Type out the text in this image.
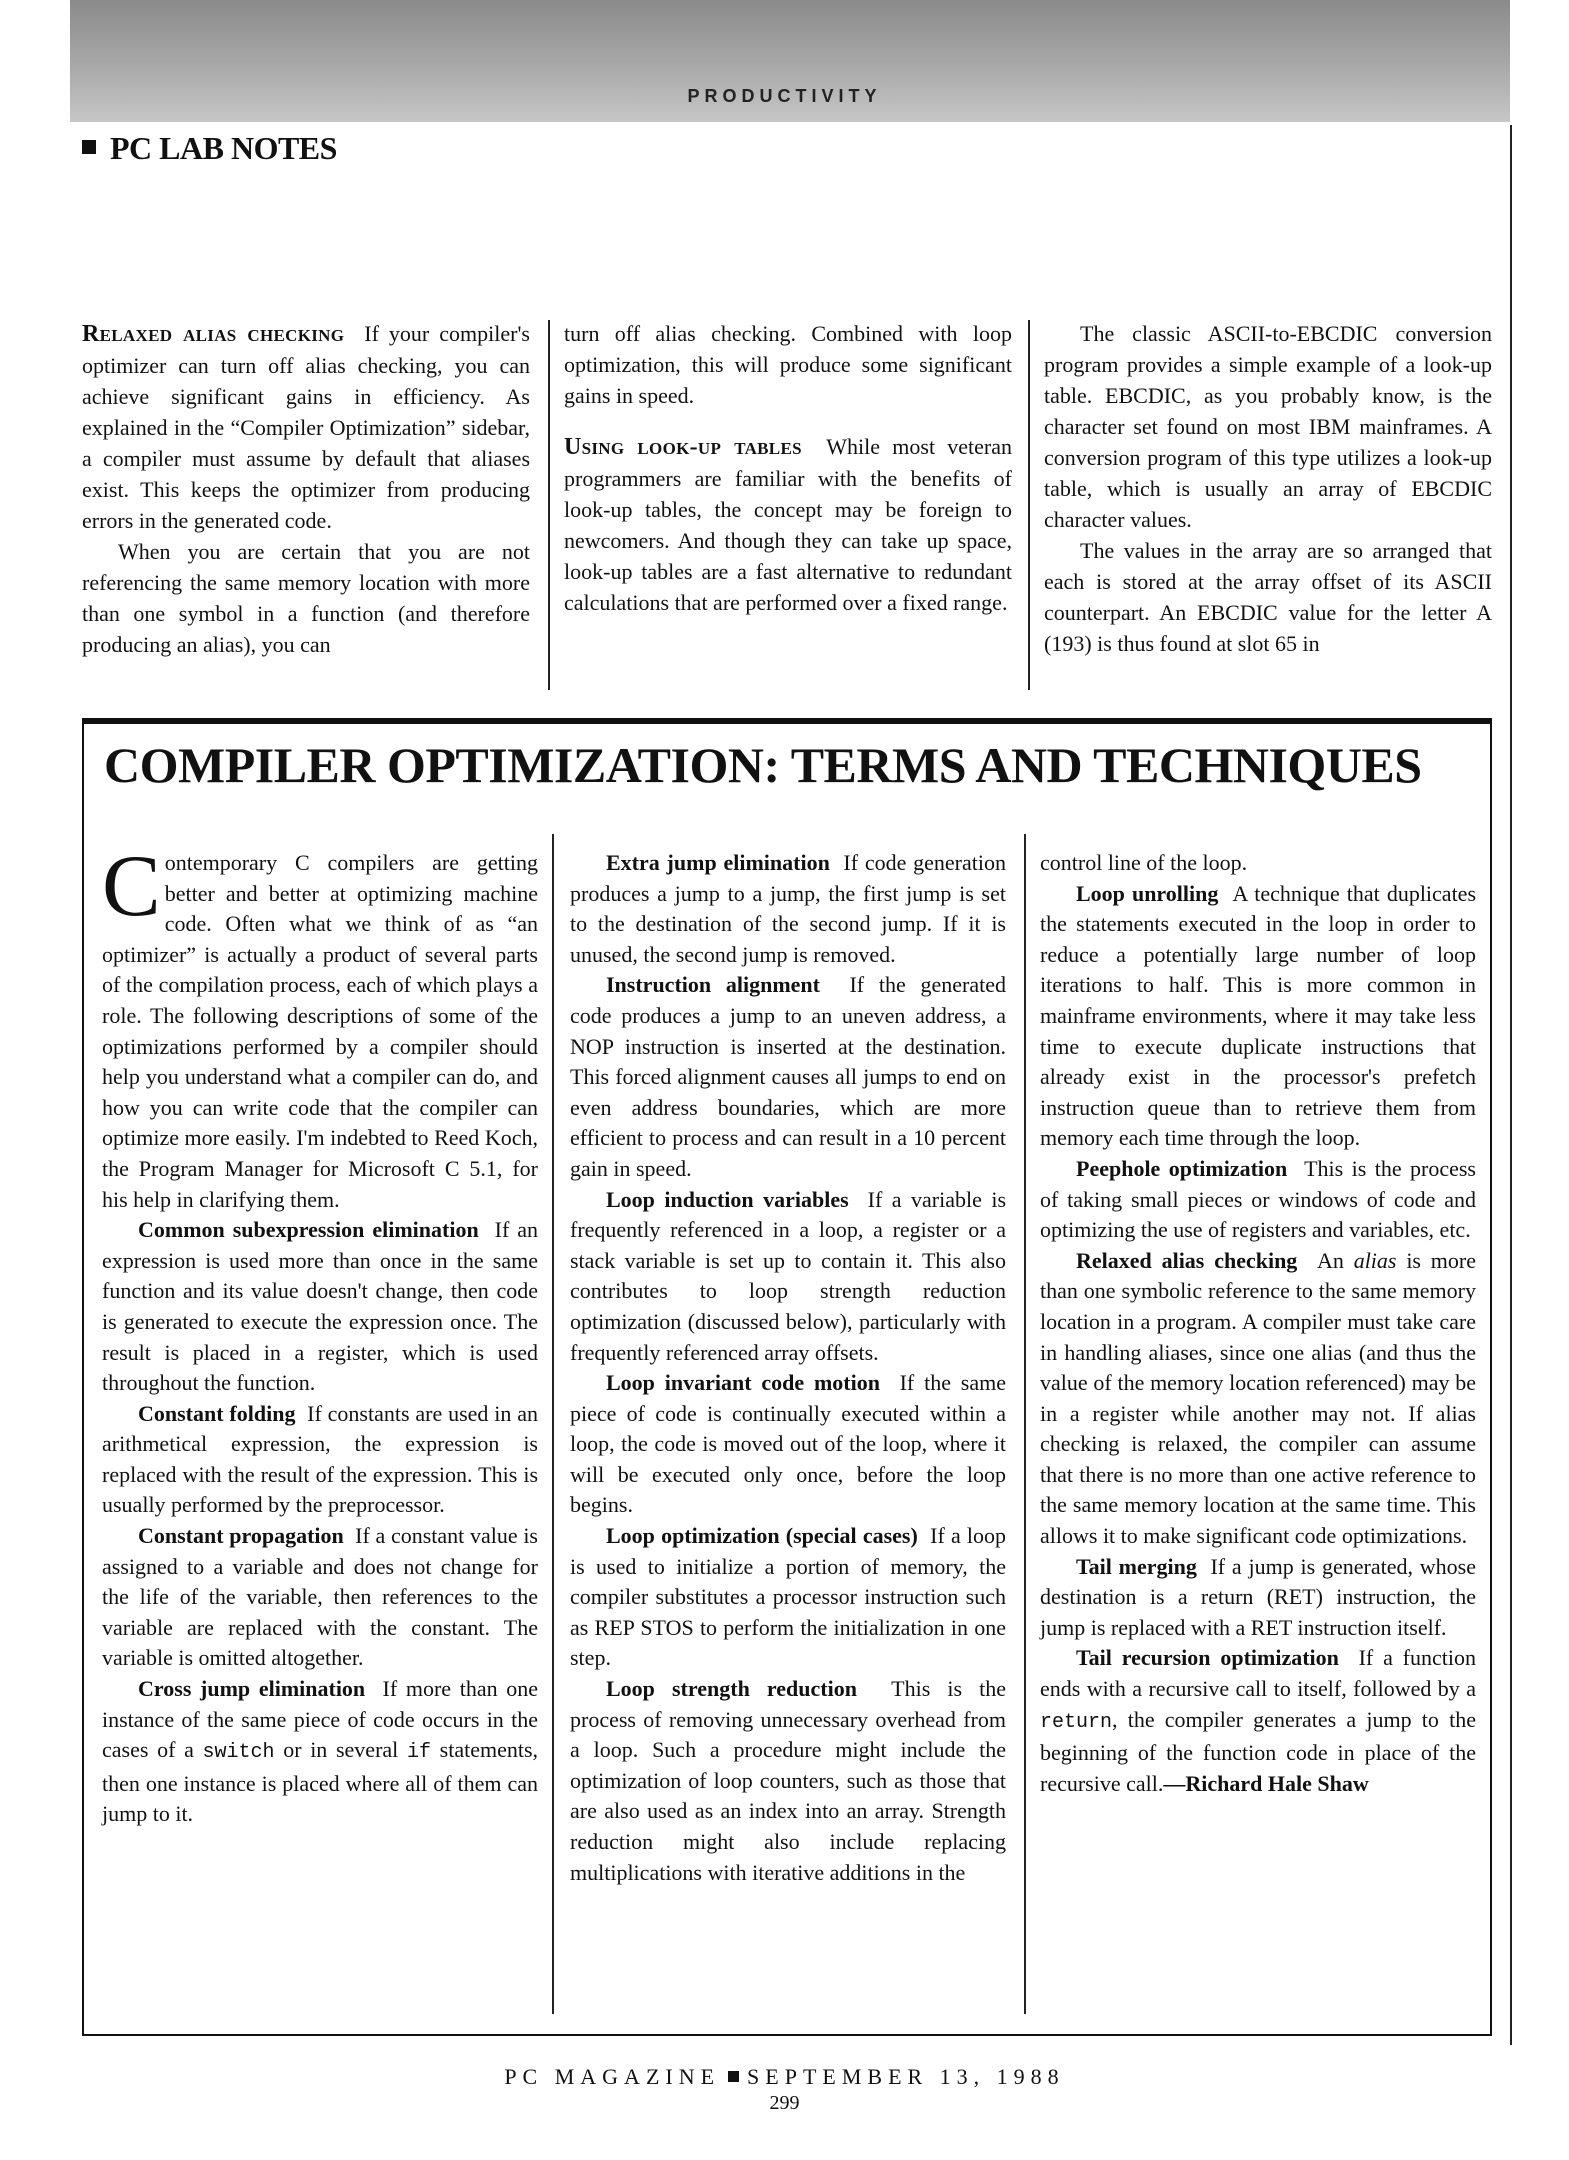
PRODUCTIVITY
PC LAB NOTES

Relaxed alias checking If your compiler's optimizer can turn off alias checking, you can achieve significant gains in efficiency. As explained in the “Compiler Optimization” sidebar, a compiler must assume by default that aliases exist. This keeps the optimizer from producing errors in the generated code.

When you are certain that you are not referencing the same memory location with more than one symbol in a function (and therefore producing an alias), you can

turn off alias checking. Combined with loop optimization, this will produce some significant gains in speed.

Using look-up tables While most veteran programmers are familiar with the benefits of look-up tables, the concept may be foreign to newcomers. And though they can take up space, look-up tables are a fast alternative to redundant calculations that are performed over a fixed range.

The classic ASCII-to-EBCDIC conversion program provides a simple example of a look-up table. EBCDIC, as you probably know, is the character set found on most IBM mainframes. A conversion program of this type utilizes a look-up table, which is usually an array of EBCDIC character values.

The values in the array are so arranged that each is stored at the array offset of its ASCII counterpart. An EBCDIC value for the letter A (193) is thus found at slot 65 in

COMPILER OPTIMIZATION: TERMS AND TECHNIQUES

Contemporary C compilers are getting better and better at optimizing machine code. Often what we think of as “an optimizer” is actually a product of several parts of the compilation process, each of which plays a role. The following descriptions of some of the optimizations performed by a compiler should help you understand what a compiler can do, and how you can write code that the compiler can optimize more easily. I'm indebted to Reed Koch, the Program Manager for Microsoft C 5.1, for his help in clarifying them.

Common subexpression elimination If an expression is used more than once in the same function and its value doesn't change, then code is generated to execute the expression once. The result is placed in a register, which is used throughout the function.

Constant folding If constants are used in an arithmetical expression, the expression is replaced with the result of the expression. This is usually performed by the preprocessor.

Constant propagation If a constant value is assigned to a variable and does not change for the life of the variable, then references to the variable are replaced with the constant. The variable is omitted altogether.

Cross jump elimination If more than one instance of the same piece of code occurs in the cases of a switch or in several if statements, then one instance is placed where all of them can jump to it.

Extra jump elimination If code generation produces a jump to a jump, the first jump is set to the destination of the second jump. If it is unused, the second jump is removed.

Instruction alignment If the generated code produces a jump to an uneven address, a NOP instruction is inserted at the destination. This forced alignment causes all jumps to end on even address boundaries, which are more efficient to process and can result in a 10 percent gain in speed.

Loop induction variables If a variable is frequently referenced in a loop, a register or a stack variable is set up to contain it. This also contributes to loop strength reduction optimization (discussed below), particularly with frequently referenced array offsets.

Loop invariant code motion If the same piece of code is continually executed within a loop, the code is moved out of the loop, where it will be executed only once, before the loop begins.

Loop optimization (special cases) If a loop is used to initialize a portion of memory, the compiler substitutes a processor instruction such as REP STOS to perform the initialization in one step.

Loop strength reduction This is the process of removing unnecessary overhead from a loop. Such a procedure might include the optimization of loop counters, such as those that are also used as an index into an array. Strength reduction might also include replacing multiplications with iterative additions in the

control line of the loop.

Loop unrolling A technique that duplicates the statements executed in the loop in order to reduce a potentially large number of loop iterations to half. This is more common in mainframe environments, where it may take less time to execute duplicate instructions that already exist in the processor's prefetch instruction queue than to retrieve them from memory each time through the loop.

Peephole optimization This is the process of taking small pieces or windows of code and optimizing the use of registers and variables, etc.

Relaxed alias checking An alias is more than one symbolic reference to the same memory location in a program. A compiler must take care in handling aliases, since one alias (and thus the value of the memory location referenced) may be in a register while another may not. If alias checking is relaxed, the compiler can assume that there is no more than one active reference to the same memory location at the same time. This allows it to make significant code optimizations.

Tail merging If a jump is generated, whose destination is a return (RET) instruction, the jump is replaced with a RET instruction itself.

Tail recursion optimization If a function ends with a recursive call to itself, followed by a return, the compiler generates a jump to the beginning of the function code in place of the recursive call.—Richard Hale Shaw

PC MAGAZINE SEPTEMBER 13, 1988
299
